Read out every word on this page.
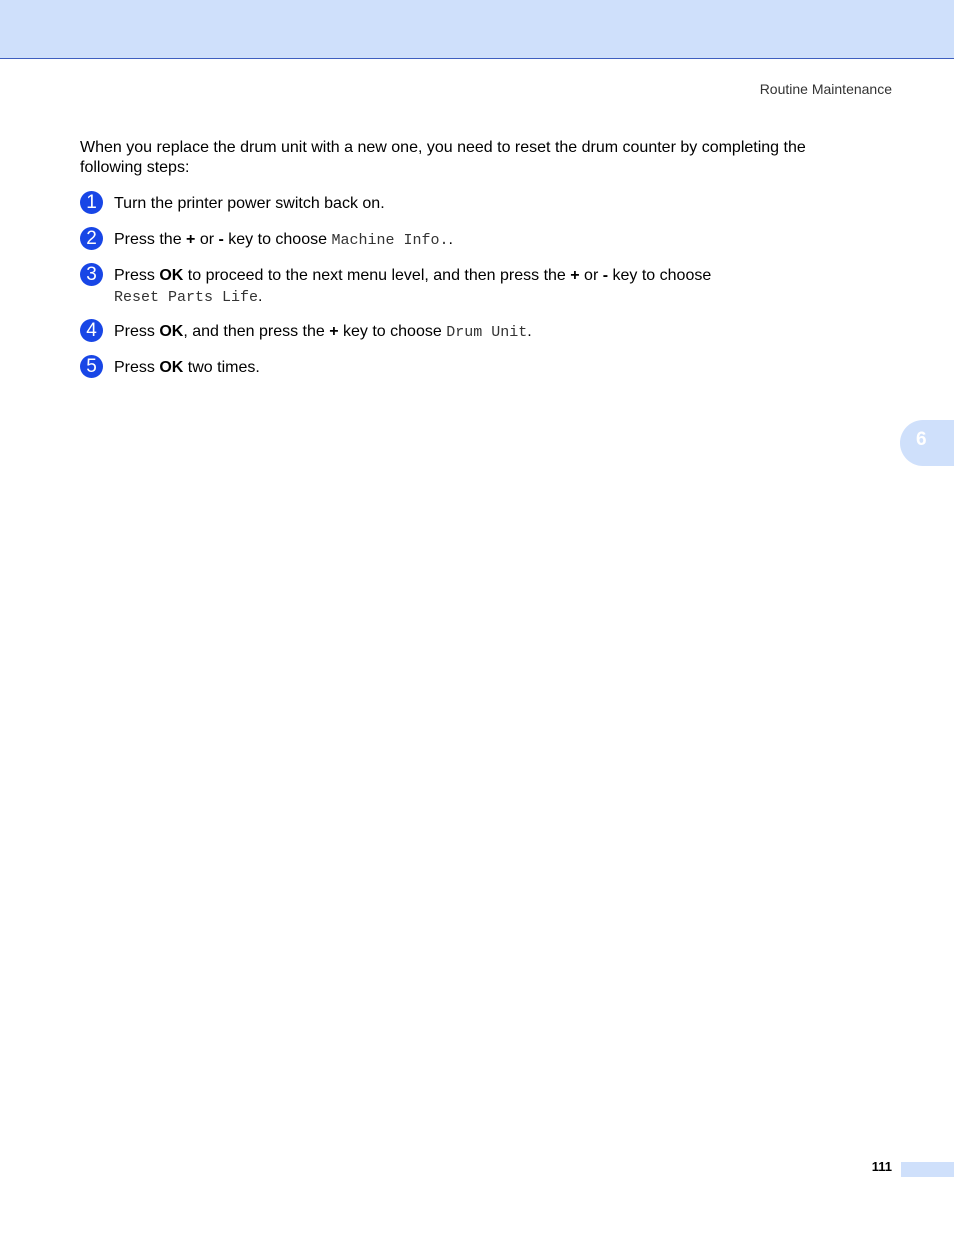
Routine Maintenance
When you replace the drum unit with a new one, you need to reset the drum counter by completing the following steps:
1	Turn the printer power switch back on.
2	Press the + or - key to choose Machine Info..
3	Press OK to proceed to the next menu level, and then press the + or - key to choose
Reset Parts Life.
4	Press OK, and then press the + key to choose Drum Unit.
5	Press OK two times.
6
111
